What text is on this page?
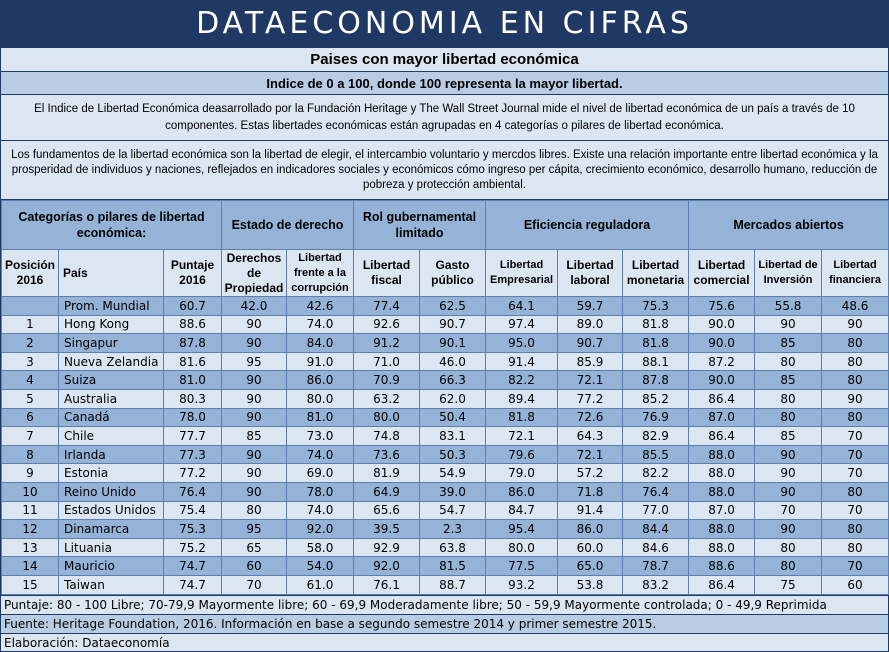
DATAECONOMIA EN CIFRAS
Paises con mayor libertad económica
Indice de 0 a 100, donde 100 representa la mayor libertad.
El Indice de Libertad Económica deasarrollado por la Fundación Heritage y The Wall Street Journal mide el nivel de libertad económica de un país a través de 10 componentes. Estas libertades económicas están agrupadas en 4 categorías o pilares de libertad económica.
Los fundamentos de la libertad económica son la libertad de elegir, el intercambio voluntario y mercdos libres. Existe una relación importante entre libertad económica y la prosperidad de individuos y naciones, reflejados en indicadores sociales y económicos cómo ingreso per cápita, crecimiento económico, desarrollo humano, reducción de pobreza y protección ambiental.
Categorías o pilares de libertad económica:			Estado de derecho		Rol gubernamental limitado		Eficiencia reguladora			Mercados abiertos		
Posición 2016	País	Puntaje 2016	Derechos de Propiedad	Libertad frente a la corrupción	Libertad fiscal	Gasto público	Libertad Empresarial	Libertad laboral	Libertad monetaria	Libertad comercial	Libertad de Inversión	Libertad financiera
	Prom. Mundial	60.7	42.0	42.6	77.4	62.5	64.1	59.7	75.3	75.6	55.8	48.6
1	Hong Kong	88.6	90	74.0	92.6	90.7	97.4	89.0	81.8	90.0	90	90
2	Singapur	87.8	90	84.0	91.2	90.1	95.0	90.7	81.8	90.0	85	80
3	Nueva Zelandia	81.6	95	91.0	71.0	46.0	91.4	85.9	88.1	87.2	80	80
4	Suiza	81.0	90	86.0	70.9	66.3	82.2	72.1	87.8	90.0	85	80
5	Australia	80.3	90	80.0	63.2	62.0	89.4	77.2	85.2	86.4	80	90
6	Canadá	78.0	90	81.0	80.0	50.4	81.8	72.6	76.9	87.0	80	80
7	Chile	77.7	85	73.0	74.8	83.1	72.1	64.3	82.9	86.4	85	70
8	Irlanda	77.3	90	74.0	73.6	50.3	79.6	72.1	85.5	88.0	90	70
9	Estonia	77.2	90	69.0	81.9	54.9	79.0	57.2	82.2	88.0	90	70
10	Reino Unido	76.4	90	78.0	64.9	39.0	86.0	71.8	76.4	88.0	90	80
11	Estados Unidos	75.4	80	74.0	65.6	54.7	84.7	91.4	77.0	87.0	70	70
12	Dinamarca	75.3	95	92.0	39.5	2.3	95.4	86.0	84.4	88.0	90	80
13	Lituania	75.2	65	58.0	92.9	63.8	80.0	60.0	84.6	88.0	80	80
14	Mauricio	74.7	60	54.0	92.0	81.5	77.5	65.0	78.7	88.6	80	70
15	Taiwan	74.7	70	61.0	76.1	88.7	93.2	53.8	83.2	86.4	75	60
Puntaje: 80 - 100 Libre; 70-79,9 Mayormente libre; 60 - 69,9 Moderadamente libre; 50 - 59,9 Mayormente controlada; 0 - 49,9 Reprimida
Fuente: Heritage Foundation, 2016. Información en base a segundo semestre 2014 y primer semestre 2015.
Elaboración: Dataeconomía
